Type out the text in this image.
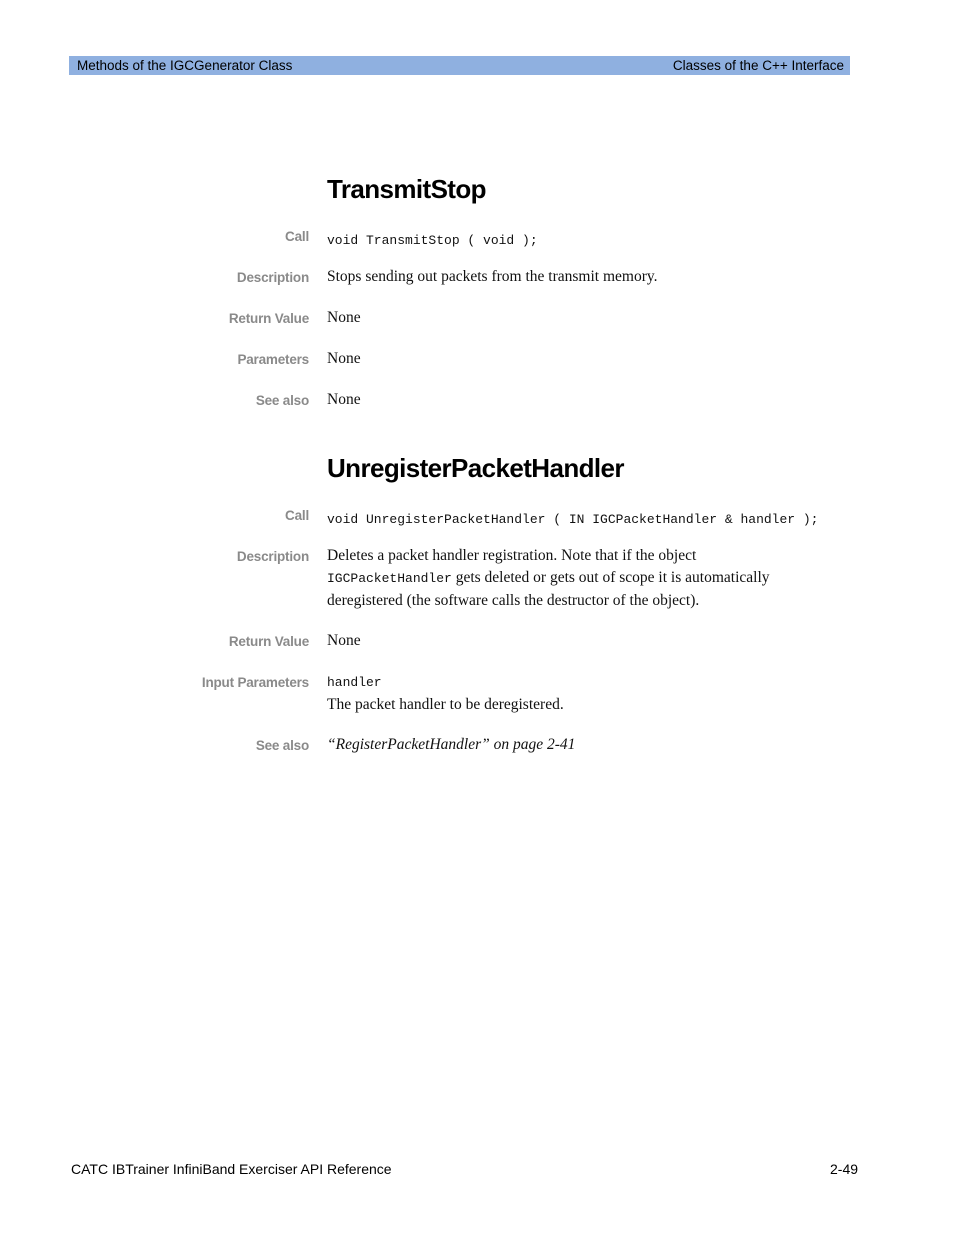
Methods of the IGCGenerator Class	Classes of the C++ Interface
TransmitStop
Call void TransmitStop ( void );
Description Stops sending out packets from the transmit memory.
Return Value None
Parameters None
See also None
UnregisterPacketHandler
Call void UnregisterPacketHandler ( IN IGCPacketHandler & handler );
Description Deletes a packet handler registration. Note that if the object
IGCPacketHandler gets deleted or gets out of scope it is automatically deregistered (the software calls the destructor of the object).
Return Value None
Input Parameters handler
The packet handler to be deregistered.
See also “RegisterPacketHandler” on page 2-41
CATC IBTrainer InfiniBand Exerciser API Reference	2-49
